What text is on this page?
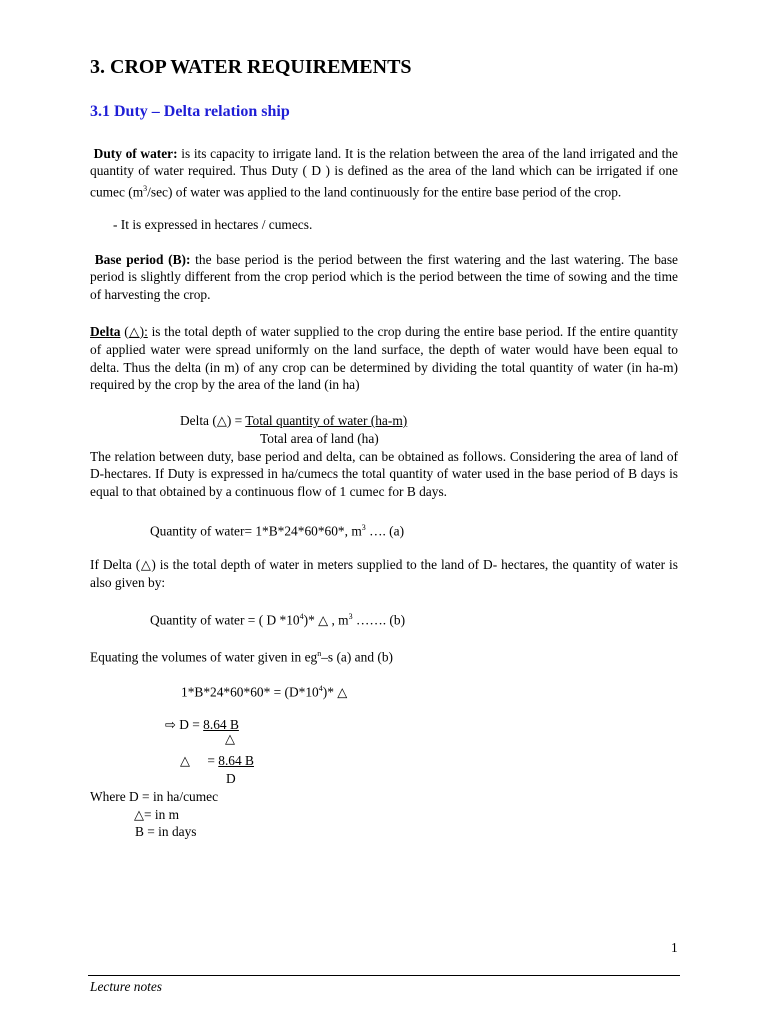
3. CROP WATER REQUIREMENTS
3.1 Duty – Delta relation ship
Duty of water: is its capacity to irrigate land. It is the relation between the area of the land irrigated and the quantity of water required. Thus Duty ( D ) is defined as the area of the land which can be irrigated if one cumec $(m^3/\sec)$ of water was applied to the land continuously for the entire base period of the crop.
- It is expressed in hectares / cumecs.
Base period (B): the base period is the period between the first watering and the last watering. The base period is slightly different from the crop period which is the period between the time of sowing and the time of harvesting the crop.
Delta (△): is the total depth of water supplied to the crop during the entire base period. If the entire quantity of applied water were spread uniformly on the land surface, the depth of water would have been equal to delta. Thus the delta (in m) of any crop can be determined by dividing the total quantity of water (in ha-m) required by the crop by the area of the land (in ha)
Delta (△) = Total quantity of water (ha-m)
Total area of land (ha)
The relation between duty, base period and delta, can be obtained as follows. Considering the area of land of D-hectares. If Duty is expressed in ha/cumecs the total quantity of water used in the base period of B days is equal to that obtained by a continuous flow of 1 cumec for B days.
Quantity of water= 1*B*24*60*60*, $m^3$ …. (a)
If Delta (△) is the total depth of water in meters supplied to the land of D- hectares, the quantity of water is also given by:
Quantity of water = ( D $*10^4)*$ △ , $m^3$ ……. (b)
Equating the volumes of water given in $eg^n-s$ (a) and (b)
$1*B*24*60*60* = (D*10^4)*$ △
⇨ D = 8.64 B
△
△ = 8.64 B
D
Where D = in ha/cumec
△= in m
B = in days
1
Lecture notes
